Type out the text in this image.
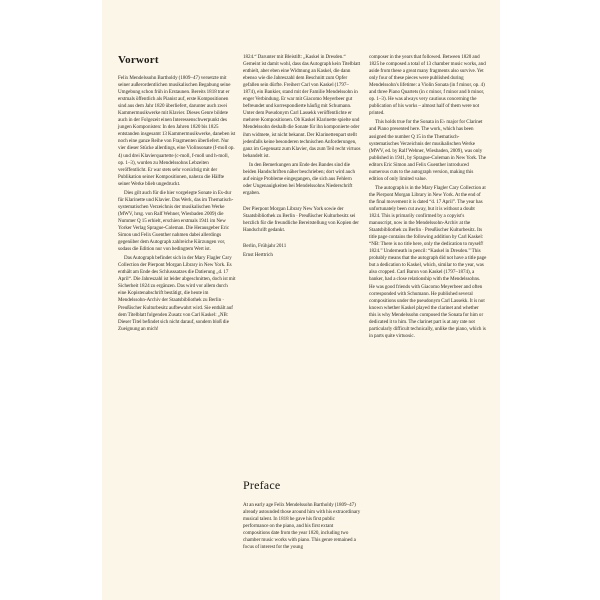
Vorwort

Felix Mendelssohn Bartholdy (1809–47) versetzte mit seiner außerordentlichen musikalischen Begabung seine Umgebung schon früh in Erstaunen. Bereits 1818 trat er erstmals öffentlich als Pianist auf, erste Kompositionen sind aus dem Jahr 1820 überliefert, darunter auch zwei Kammermusikwerke mit Klavier. Dieses Genre bildete auch in der Folgezeit einen Interessenschwerpunkt des jungen Komponisten: In den Jahren 1820 bis 1825 entstanden insgesamt 13 Kammermusikwerke, daneben ist noch eine ganze Reihe von Fragmenten überliefert. Nur vier dieser Stücke allerdings, eine Violinsonate (f-moll op. 4) und drei Klavierquartette (c-moll, f-moll und h-moll, op. 1–3), wurden zu Mendelssohns Lebzeiten veröffentlicht. Er war stets sehr vorsichtig mit der Publikation seiner Kompositionen, nahezu die Hälfte seiner Werke blieb ungedruckt.

Dies gilt auch für die hier vorgelegte Sonate in Es-dur für Klarinette und Klavier. Das Werk, das im Thematisch-systematischen Verzeichnis der musikalischen Werke (MWV, hrsg. von Ralf Wehner, Wiesbaden 2009) die Nummer Q 15 erhielt, erschien erstmals 1941 im New Yorker Verlag Sprague-Coleman. Die Herausgeber Eric Simon und Felix Guenther nahmen dabei allerdings gegenüber dem Autograph zahlreiche Kürzungen vor, sodass die Edition nur von bedingtem Wert ist.

Das Autograph befindet sich in der Mary Flagler Cary Collection der Pierpont Morgan Library in New York. Es enthält am Ende des Schlusssatzes die Datierung „d. 17 April“. Die Jahreszahl ist leider abgeschnitten, doch ist mit Sicherheit 1824 zu ergänzen. Das wird vor allem durch eine Kopistenabschrift bestätigt, die heute im Mendelssohn-Archiv der Staatsbibliothek zu Berlin · Preußischer Kulturbesitz aufbewahrt wird. Sie enthält auf dem Titelblatt folgenden Zusatz von Carl Kaskel: „NB: Dieser Titel befindet sich nicht darauf, sondern bloß die Zueignung an mich!

1824.“ Darunter mit Bleistift: „Kaskel in Dresden.“ Gemeint ist damit wohl, dass das Autograph kein Titelblatt enthielt, aber eben eine Widmung an Kaskel, die dann ebenso wie die Jahreszahl dem Beschnitt zum Opfer gefallen sein dürfte. Freiherr Carl von Kaskel (1797–1874), ein Bankier, stand mit der Familie Mendelssohn in enger Verbindung. Er war mit Giacomo Meyerbeer gut befreundet und korrespondierte häufig mit Schumann. Unter dem Pseudonym Carl Lassekk veröffentlichte er mehrere Kompositionen. Ob Kaskel Klarinette spielte und Mendelssohn deshalb die Sonate für ihn komponierte oder ihm widmete, ist nicht bekannt. Der Klarinettenpart stellt jedenfalls keine besonderen technischen Anforderungen, ganz im Gegensatz zum Klavier, das zum Teil recht virtuos behandelt ist.

In den Bemerkungen am Ende des Bandes sind die beiden Handschriften näher beschrieben; dort wird auch auf einige Probleme eingegangen, die sich aus Fehlern oder Ungenauigkeiten bei Mendelssohns Niederschrift ergaben.

Der Pierpont Morgan Library New York sowie der Staatsbibliothek zu Berlin · Preußischer Kulturbesitz sei herzlich für die freundliche Bereitstellung von Kopien der Handschrift gedankt.

Berlin, Frühjahr 2011

Ernst Herttrich

Preface

At an early age Felix Mendelssohn Bartholdy (1809–47) already astounded those around him with his extraordinary musical talent. In 1818 he gave his first public performance on the piano, and his first extant compositions date from the year 1820, including two chamber music works with piano. This genre remained a focus of interest for the young

composer in the years that followed. Between 1820 and 1825 he composed a total of 13 chamber music works, and aside from these a great many fragments also survive. Yet only four of these pieces were published during Mendelssohn's lifetime: a Violin Sonata (in f minor, op. 4) and three Piano Quartets (in c minor, f minor and b minor, op. 1–3). He was always very cautious concerning the publication of his works – almost half of them were not printed.

This holds true for the Sonata in E♭ major for Clarinet and Piano presented here. The work, which has been assigned the number Q 15 in the Thematisch-systematisches Verzeichnis der musikalischen Werke (MWV, ed. by Ralf Wehner, Wiesbaden, 2009), was only published in 1941, by Sprague-Coleman in New York. The editors Eric Simon and Felix Guenther introduced numerous cuts to the autograph version, making this edition of only limited value.

The autograph is in the Mary Flagler Cary Collection at the Pierpont Morgan Library in New York. At the end of the final movement it is dated “d. 17 April”. The year has unfortunately been cut away, but it is without a doubt 1824. This is primarily confirmed by a copyist's manuscript, now in the Mendelssohn-Archiv at the Staatsbibliothek zu Berlin · Preußischer Kulturbesitz. Its title page contains the following addition by Carl Kaskel: “NB: There is no title here, only the dedication to myself! 1824.” Underneath in pencil: “Kaskel in Dresden.” This probably means that the autograph did not have a title page but a dedication to Kaskel, which, similar to the year, was also cropped. Carl Baron von Kaskel (1797–1874), a banker, had a close relationship with the Mendelssohns. He was good friends with Giacomo Meyerbeer and often corresponded with Schumann. He published several compositions under the pseudonym Carl Lassekk. It is not known whether Kaskel played the clarinet and whether this is why Mendelssohn composed the Sonata for him or dedicated it to him. The clarinet part is at any rate not particularly difficult technically, unlike the piano, which is in parts quite virtuosic.
